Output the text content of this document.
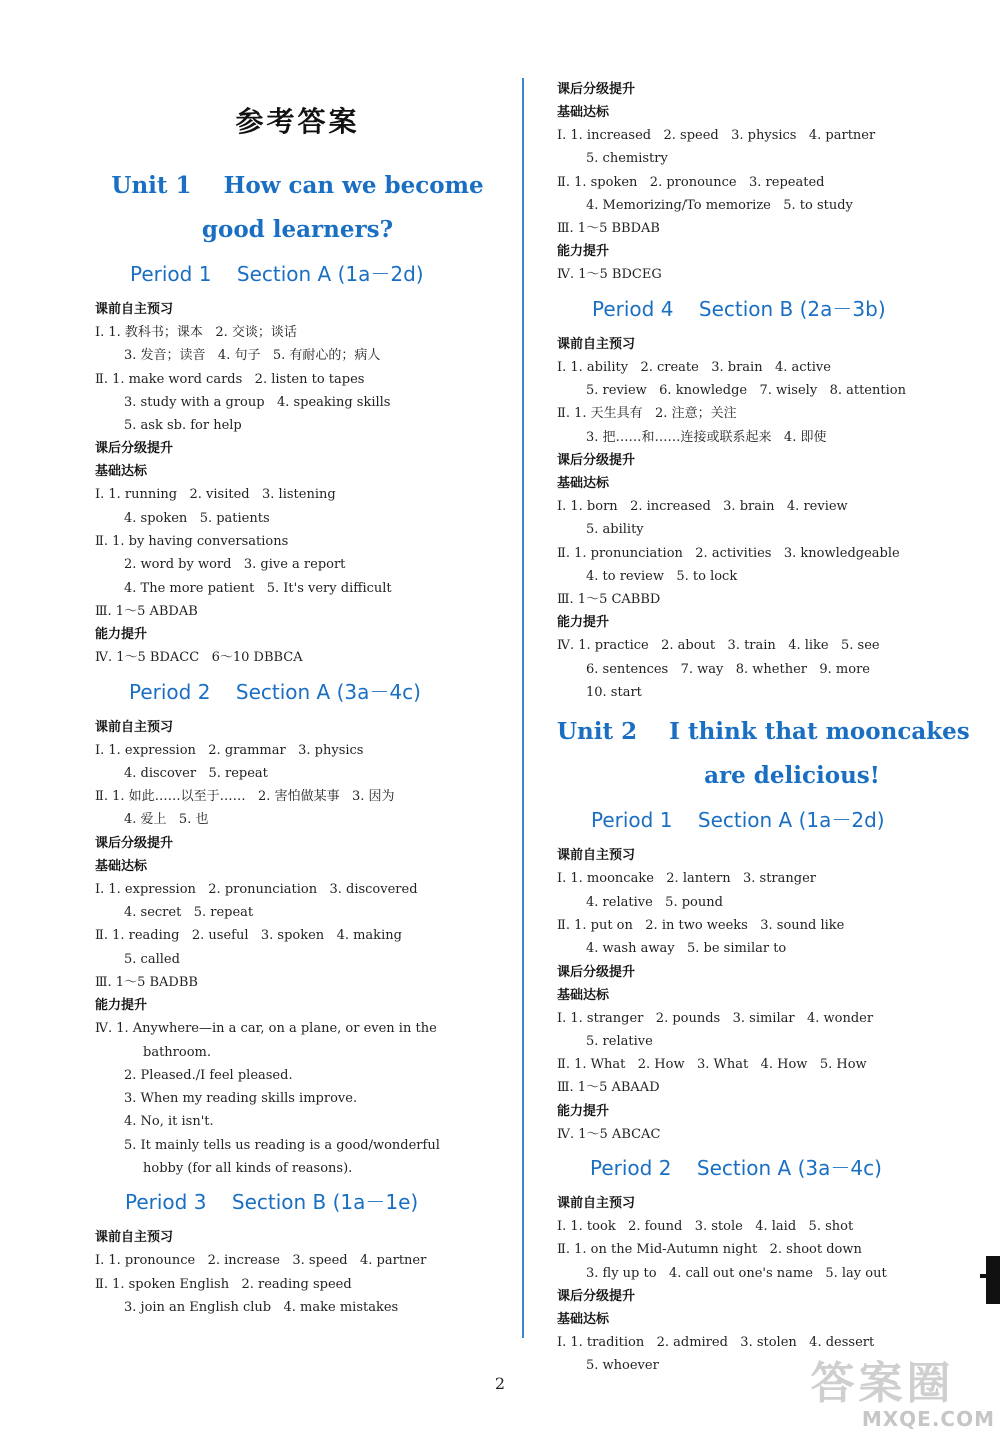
参考答案
Unit 1    How can we become
good learners?
Period 1    Section A (1a－2d)
课前自主预习
Ⅰ. 1. 教科书；课本   2. 交谈；谈话
3. 发音；读音   4. 句子   5. 有耐心的；病人
Ⅱ. 1. make word cards   2. listen to tapes
3. study with a group   4. speaking skills
5. ask sb. for help
课后分级提升
基础达标
Ⅰ. 1. running   2. visited   3. listening
4. spoken   5. patients
Ⅱ. 1. by having conversations
2. word by word   3. give a report
4. The more patient   5. It's very difficult
Ⅲ. 1～5 ABDAB
能力提升
Ⅳ. 1～5 BDACC   6～10 DBBCA
Period 2    Section A (3a－4c)
课前自主预习
Ⅰ. 1. expression   2. grammar   3. physics
4. discover   5. repeat
Ⅱ. 1. 如此……以至于……   2. 害怕做某事   3. 因为
4. 爱上   5. 也
课后分级提升
基础达标
Ⅰ. 1. expression   2. pronunciation   3. discovered
4. secret   5. repeat
Ⅱ. 1. reading   2. useful   3. spoken   4. making
5. called
Ⅲ. 1～5 BADBB
能力提升
Ⅳ. 1. Anywhere—in a car, on a plane, or even in the
bathroom.
2. Pleased./I feel pleased.
3. When my reading skills improve.
4. No, it isn't.
5. It mainly tells us reading is a good/wonderful
hobby (for all kinds of reasons).
Period 3    Section B (1a－1e)
课前自主预习
Ⅰ. 1. pronounce   2. increase   3. speed   4. partner
Ⅱ. 1. spoken English   2. reading speed
3. join an English club   4. make mistakes
课后分级提升
基础达标
Ⅰ. 1. increased   2. speed   3. physics   4. partner
5. chemistry
Ⅱ. 1. spoken   2. pronounce   3. repeated
4. Memorizing/To memorize   5. to study
Ⅲ. 1～5 BBDAB
能力提升
Ⅳ. 1～5 BDCEG
Period 4    Section B (2a－3b)
课前自主预习
Ⅰ. 1. ability   2. create   3. brain   4. active
5. review   6. knowledge   7. wisely   8. attention
Ⅱ. 1. 天生具有   2. 注意；关注
3. 把……和……连接或联系起来   4. 即使
课后分级提升
基础达标
Ⅰ. 1. born   2. increased   3. brain   4. review
5. ability
Ⅱ. 1. pronunciation   2. activities   3. knowledgeable
4. to review   5. to lock
Ⅲ. 1～5 CABBD
能力提升
Ⅳ. 1. practice   2. about   3. train   4. like   5. see
6. sentences   7. way   8. whether   9. more
10. start
Unit 2    I think that mooncakes
are delicious!
Period 1    Section A (1a－2d)
课前自主预习
Ⅰ. 1. mooncake   2. lantern   3. stranger
4. relative   5. pound
Ⅱ. 1. put on   2. in two weeks   3. sound like
4. wash away   5. be similar to
课后分级提升
基础达标
Ⅰ. 1. stranger   2. pounds   3. similar   4. wonder
5. relative
Ⅱ. 1. What   2. How   3. What   4. How   5. How
Ⅲ. 1～5 ABAAD
能力提升
Ⅳ. 1～5 ABCAC
Period 2    Section A (3a－4c)
课前自主预习
Ⅰ. 1. took   2. found   3. stole   4. laid   5. shot
Ⅱ. 1. on the Mid-Autumn night   2. shoot down
3. fly up to   4. call out one's name   5. lay out
课后分级提升
基础达标
Ⅰ. 1. tradition   2. admired   3. stolen   4. dessert
5. whoever
2	答案圈
MXQE.COM
